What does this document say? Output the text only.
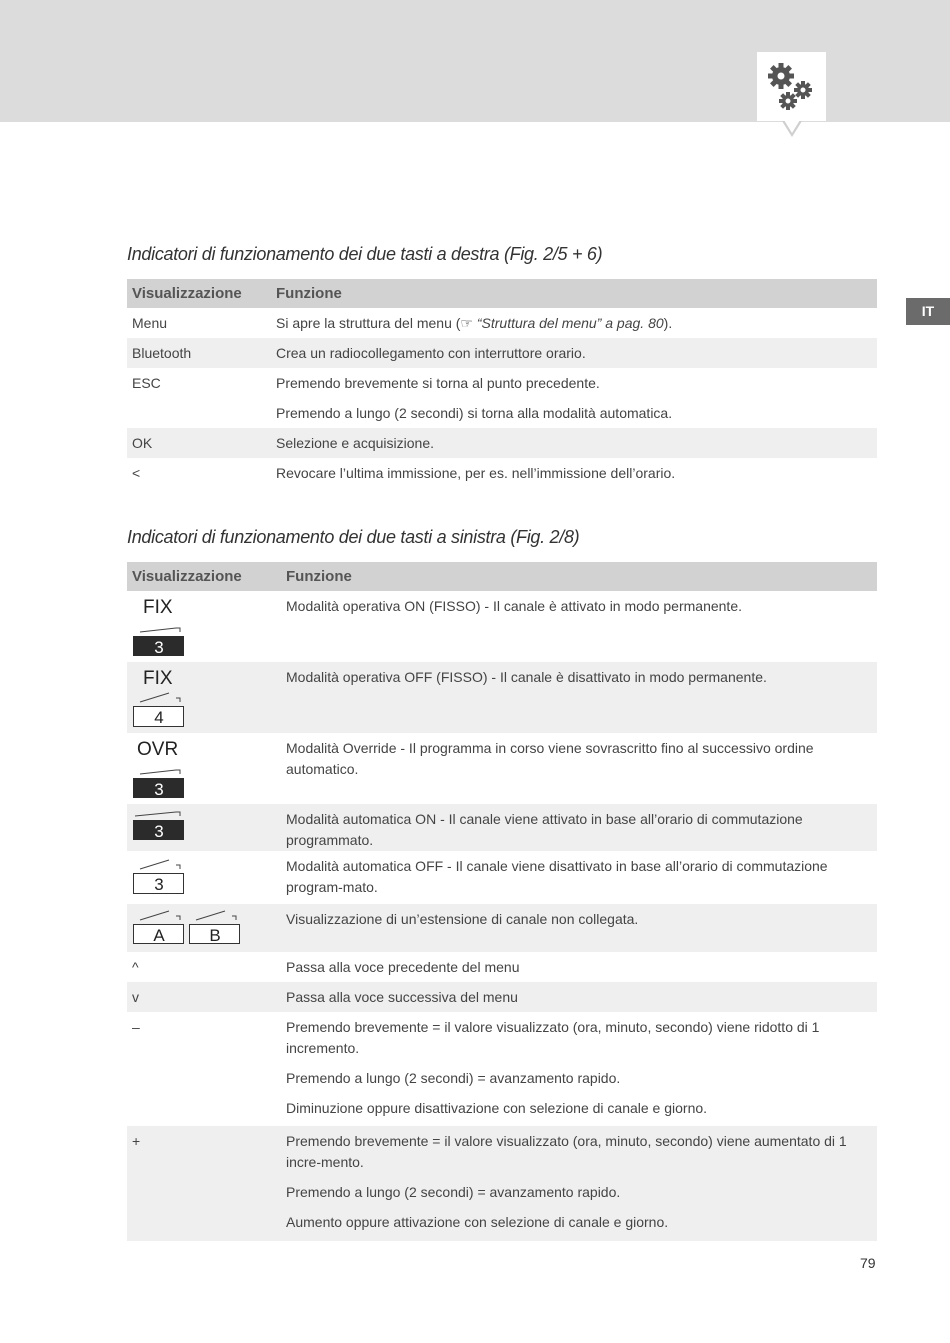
IT
Indicatori di funzionamento dei due tasti a destra (Fig. 2/5 + 6)
Visualizzazione	Funzione
Menu	Si apre la struttura del menu (☞ “Struttura del menu” a pag. 80).
Bluetooth	Crea un radiocollegamento con interruttore orario.
ESC	Premendo brevemente si torna al punto precedente.
	Premendo a lungo (2 secondi) si torna alla modalità automatica.
OK	Selezione e acquisizione.
<	Revocare l’ultima immissione, per es. nell’immissione dell’orario.
Indicatori di funzionamento dei due tasti a sinistra (Fig. 2/8)
Visualizzazione	Funzione

FIX
3	Modalità operativa ON (FISSO) - Il canale è attivato in modo permanente.

FIX
4	Modalità operativa OFF (FISSO) - Il canale è disattivato in modo permanente.

OVR
3	Modalità Override - Il programma in corso viene sovrascritto fino al successivo ordine automatico.

3	Modalità automatica ON - Il canale viene attivato in base all’orario di commutazione programmato.

3	Modalità automatica OFF - Il canale viene disattivato in base all’orario di commutazione program-mato.

A B	Visualizzazione di un’estensione di canale non collegata.
^	Passa alla voce precedente del menu
v	Passa alla voce successiva del menu
–	Premendo brevemente = il valore visualizzato (ora, minuto, secondo) viene ridotto di 1 incremento.
Premendo a lungo (2 secondi) = avanzamento rapido.
Diminuzione oppure disattivazione con selezione di canale e giorno.

+	Premendo brevemente = il valore visualizzato (ora, minuto, secondo) viene aumentato di 1 incre-mento.
Premendo a lungo (2 secondi) = avanzamento rapido.
Aumento oppure attivazione con selezione di canale e giorno.
79
